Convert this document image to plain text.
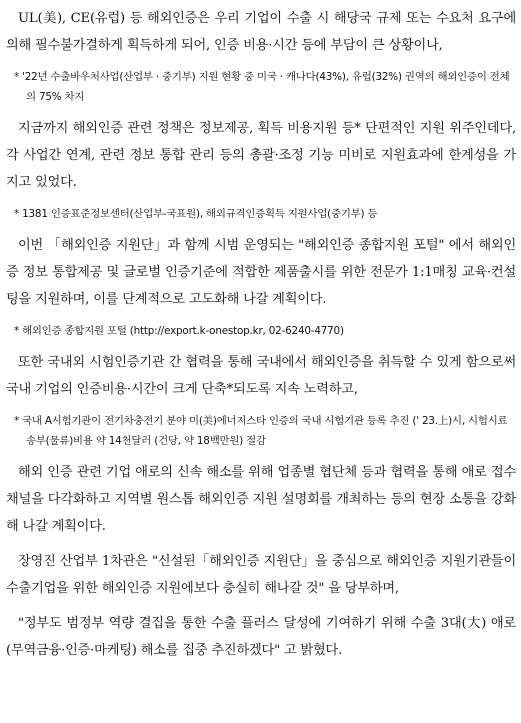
UL(美), CE(유럽) 등 해외인증은 우리 기업이 수출 시 해당국 규제 또는 수요처 요구에 의해 필수불가결하게 획득하게 되어, 인증 비용·시간 등에 부담이 큰 상황이나,

* '22년 수출바우처사업(산업부 · 중기부) 지원 현황 중 미국 · 캐나다(43%), 유럽(32%) 권역의 해외인증이 전체의 75% 차지

지금까지 해외인증 관련 정책은 정보제공, 획득 비용지원 등* 단편적인 지원 위주인데다, 각 사업간 연계, 관련 정보 통합 관리 등의 총괄·조정 기능 미비로 지원효과에 한계성을 가지고 있었다.

* 1381 인증표준정보센터(산업부-국표원), 해외규격인증획득 지원사업(중기부) 등

이번 「해외인증 지원단」과 함께 시범 운영되는 "해외인증 종합지원 포털" 에서 해외인증 정보 통합제공 및 글로벌 인증기준에 적합한 제품출시를 위한 전문가 1:1매칭 교육·컨설팅을 지원하며, 이를 단계적으로 고도화해 나갈 계획이다.

* 해외인증 종합지원 포털 (http://export.k-onestop.kr, 02-6240-4770)

또한 국내외 시험인증기관 간 협력을 통해 국내에서 해외인증을 취득할 수 있게 함으로써 국내 기업의 인증비용·시간이 크게 단축*되도록 지속 노력하고,

* 국내 A시험기관이 전기차충전기 분야 미(美)에너지스타 인증의 국내 시험기관 등록 추진 (' 23.上)시, 시험시료 송부(물류)비용 약 14천달러 (건당, 약 18백만원) 절감

해외 인증 관련 기업 애로의 신속 해소를 위해 업종별 협단체 등과 협력을 통해 애로 접수 채널을 다각화하고 지역별 원스톱 해외인증 지원 설명회를 개최하는 등의 현장 소통을 강화해 나갈 계획이다.

장영진 산업부 1차관은 "신설된「해외인증 지원단」을 중심으로 해외인증 지원기관들이 수출기업을 위한 해외인증 지원에보다 충실히 해나갈 것" 을 당부하며,

"정부도 범정부 역량 결집을 통한 수출 플러스 달성에 기여하기 위해 수출 3대(大) 애로(무역금융·인증·마케팅) 해소를 집중 추진하겠다" 고 밝혔다.
